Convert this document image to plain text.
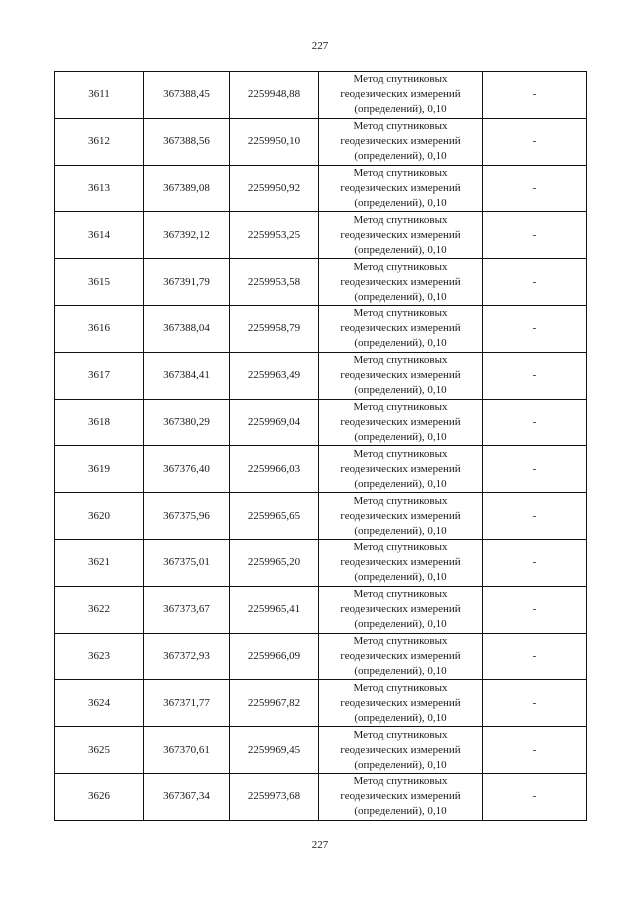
227
3611	367388,45	2259948,88	Метод спутниковых
геодезических измерений
(определений), 0,10	-
3612	367388,56	2259950,10	Метод спутниковых
геодезических измерений
(определений), 0,10	-
3613	367389,08	2259950,92	Метод спутниковых
геодезических измерений
(определений), 0,10	-
3614	367392,12	2259953,25	Метод спутниковых
геодезических измерений
(определений), 0,10	-
3615	367391,79	2259953,58	Метод спутниковых
геодезических измерений
(определений), 0,10	-
3616	367388,04	2259958,79	Метод спутниковых
геодезических измерений
(определений), 0,10	-
3617	367384,41	2259963,49	Метод спутниковых
геодезических измерений
(определений), 0,10	-
3618	367380,29	2259969,04	Метод спутниковых
геодезических измерений
(определений), 0,10	-
3619	367376,40	2259966,03	Метод спутниковых
геодезических измерений
(определений), 0,10	-
3620	367375,96	2259965,65	Метод спутниковых
геодезических измерений
(определений), 0,10	-
3621	367375,01	2259965,20	Метод спутниковых
геодезических измерений
(определений), 0,10	-
3622	367373,67	2259965,41	Метод спутниковых
геодезических измерений
(определений), 0,10	-
3623	367372,93	2259966,09	Метод спутниковых
геодезических измерений
(определений), 0,10	-
3624	367371,77	2259967,82	Метод спутниковых
геодезических измерений
(определений), 0,10	-
3625	367370,61	2259969,45	Метод спутниковых
геодезических измерений
(определений), 0,10	-
3626	367367,34	2259973,68	Метод спутниковых
геодезических измерений
(определений), 0,10	-
227
